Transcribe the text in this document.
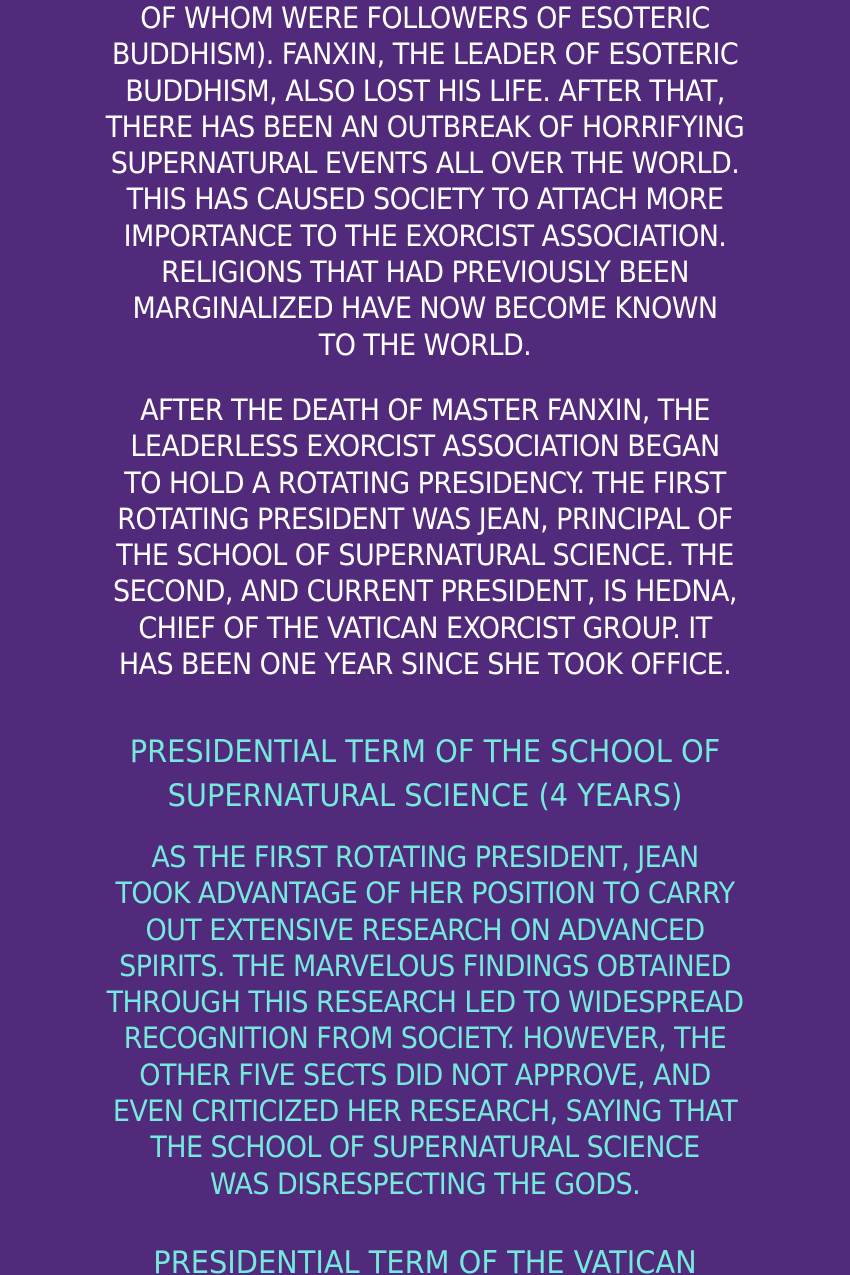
OF WHOM WERE FOLLOWERS OF ESOTERIC
BUDDHISM). FANXIN, THE LEADER OF ESOTERIC
BUDDHISM, ALSO LOST HIS LIFE. AFTER THAT,
THERE HAS BEEN AN OUTBREAK OF HORRIFYING
SUPERNATURAL EVENTS ALL OVER THE WORLD.
THIS HAS CAUSED SOCIETY TO ATTACH MORE
IMPORTANCE TO THE EXORCIST ASSOCIATION.
RELIGIONS THAT HAD PREVIOUSLY BEEN
MARGINALIZED HAVE NOW BECOME KNOWN
TO THE WORLD.
AFTER THE DEATH OF MASTER FANXIN, THE
LEADERLESS EXORCIST ASSOCIATION BEGAN
TO HOLD A ROTATING PRESIDENCY. THE FIRST
ROTATING PRESIDENT WAS JEAN, PRINCIPAL OF
THE SCHOOL OF SUPERNATURAL SCIENCE. THE
SECOND, AND CURRENT PRESIDENT, IS HEDNA,
CHIEF OF THE VATICAN EXORCIST GROUP. IT
HAS BEEN ONE YEAR SINCE SHE TOOK OFFICE.
PRESIDENTIAL TERM OF THE SCHOOL OF
SUPERNATURAL SCIENCE (4 YEARS)
AS THE FIRST ROTATING PRESIDENT, JEAN
TOOK ADVANTAGE OF HER POSITION TO CARRY
OUT EXTENSIVE RESEARCH ON ADVANCED
SPIRITS. THE MARVELOUS FINDINGS OBTAINED
THROUGH THIS RESEARCH LED TO WIDESPREAD
RECOGNITION FROM SOCIETY. HOWEVER, THE
OTHER FIVE SECTS DID NOT APPROVE, AND
EVEN CRITICIZED HER RESEARCH, SAYING THAT
THE SCHOOL OF SUPERNATURAL SCIENCE
WAS DISRESPECTING THE GODS.
PRESIDENTIAL TERM OF THE VATICAN
